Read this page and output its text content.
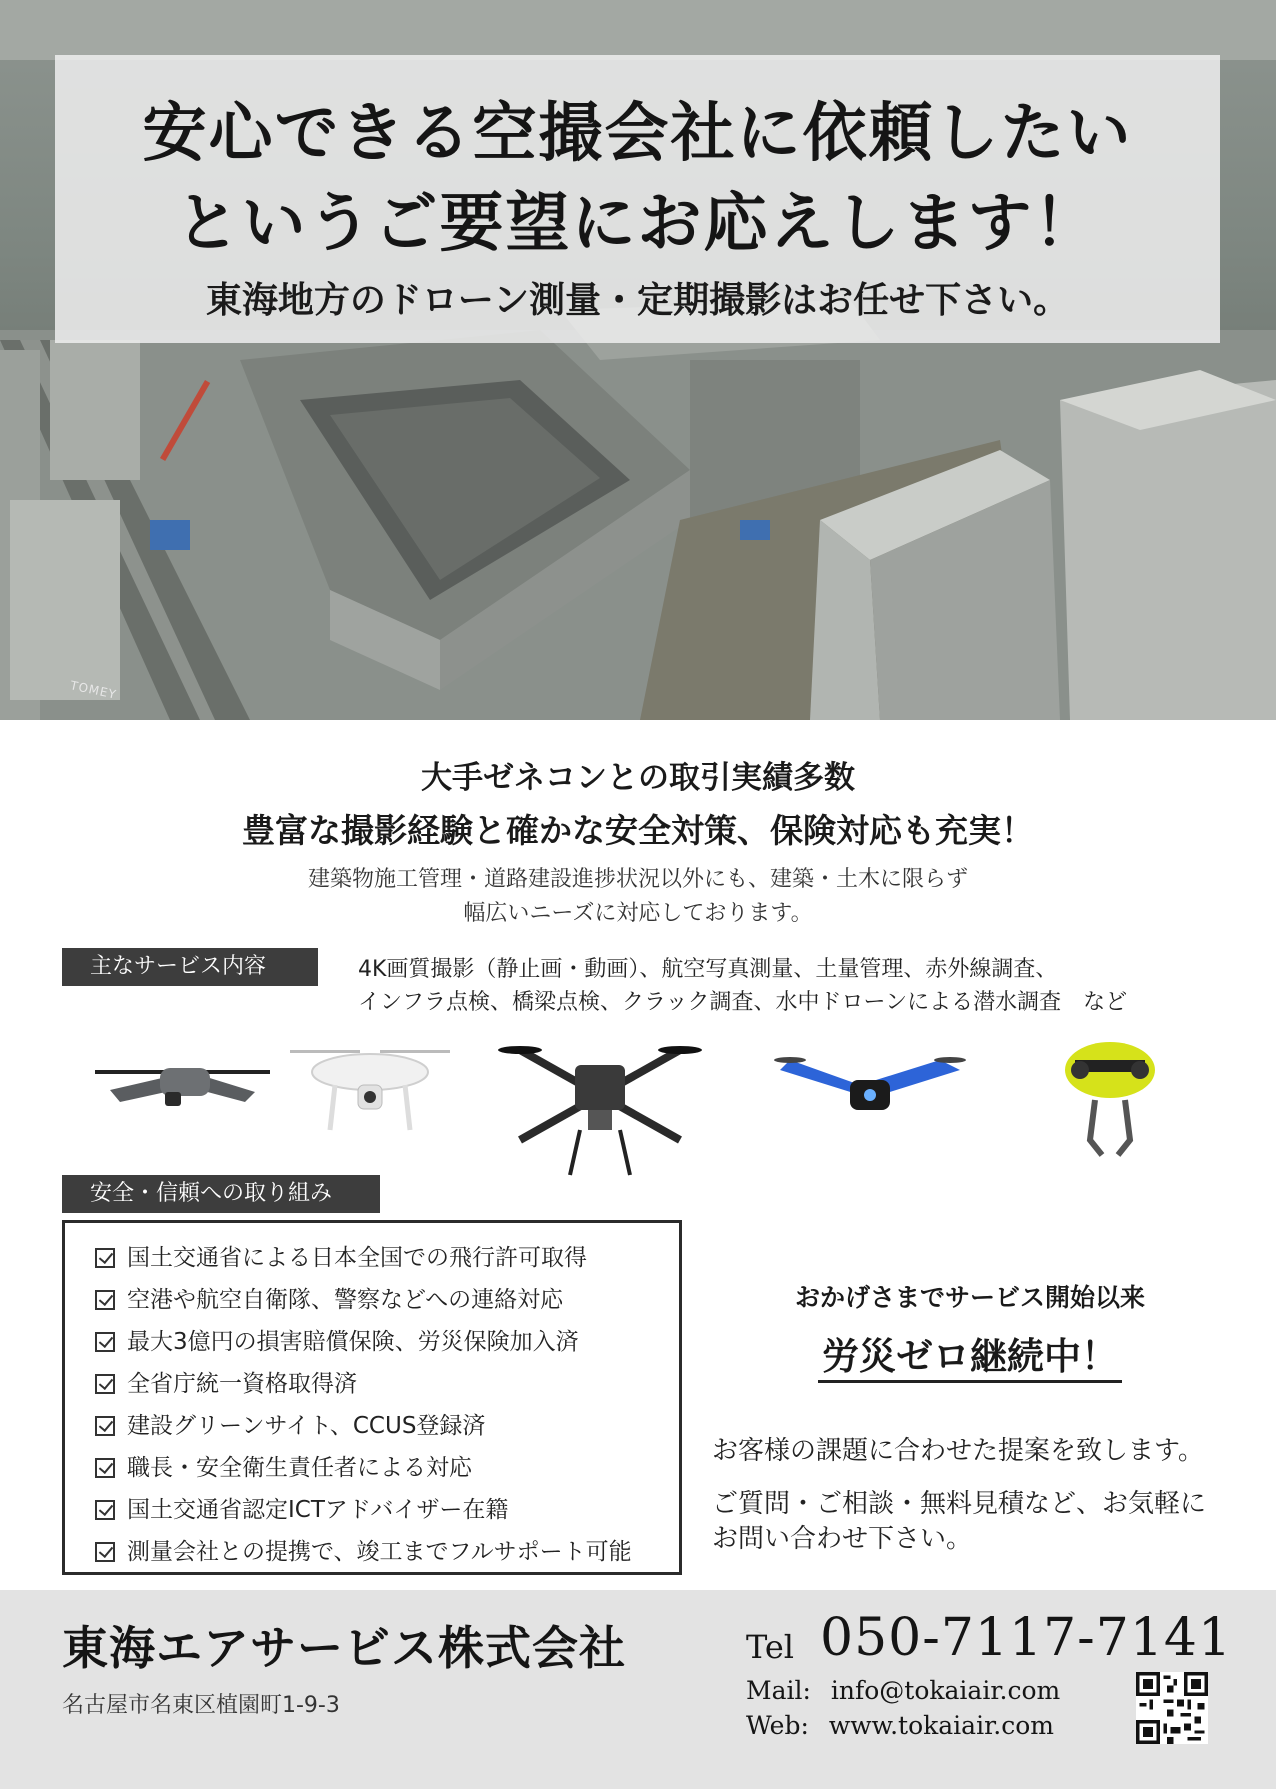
TOMEY
安心できる空撮会社に依頼したい
というご要望にお応えします！
東海地方のドローン測量・定期撮影はお任せ下さい。
大手ゼネコンとの取引実績多数
豊富な撮影経験と確かな安全対策、保険対応も充実！
建築物施工管理・道路建設進捗状況以外にも、建築・土木に限らず
幅広いニーズに対応しております。
主なサービス内容	4K画質撮影（静止画・動画）、航空写真測量、土量管理、赤外線調査、
インフラ点検、橋梁点検、クラック調査、水中ドローンによる潜水調査　など
安全・信頼への取り組み
国土交通省による日本全国での飛行許可取得
空港や航空自衛隊、警察などへの連絡対応
最大3億円の損害賠償保険、労災保険加入済
全省庁統一資格取得済
建設グリーンサイト、CCUS登録済
職長・安全衛生責任者による対応
国土交通省認定ICTアドバイザー在籍
測量会社との提携で、竣工までフルサポート可能
おかげさまでサービス開始以来
労災ゼロ継続中！
お客様の課題に合わせた提案を致します。
ご質問・ご相談・無料見積など、お気軽に
お問い合わせ下さい。
東海エアサービス株式会社
名古屋市名東区植園町1-9-3
Tel 050-7117-7141
Mail: info@tokaiair.com
Web: www.tokaiair.com
